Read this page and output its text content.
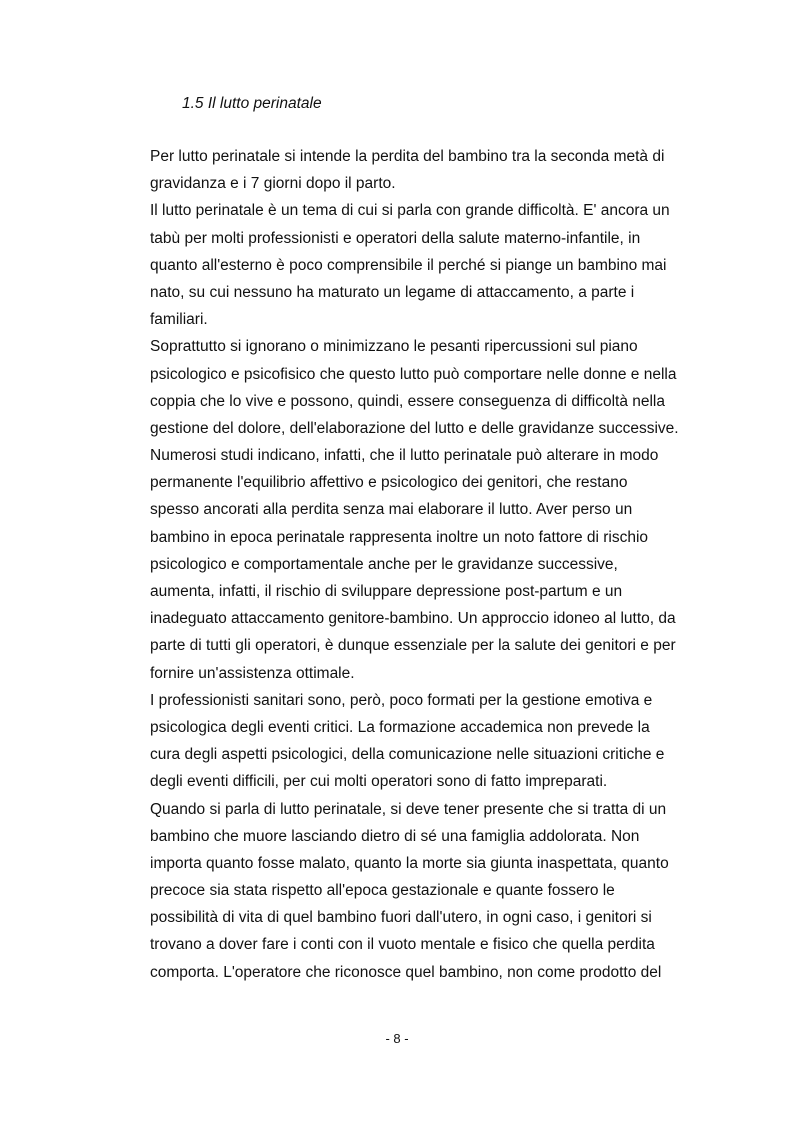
1.5 Il lutto perinatale
Per lutto perinatale si intende la perdita del bambino tra la seconda metà di
gravidanza e i 7 giorni dopo il parto.
Il lutto perinatale è un tema di cui si parla con grande difficoltà. E' ancora un
tabù per molti professionisti e operatori della salute materno-infantile, in
quanto all'esterno è poco comprensibile il perché si piange un bambino mai
nato, su cui nessuno ha maturato un legame di attaccamento, a parte i
familiari.
Soprattutto si ignorano o minimizzano le pesanti ripercussioni sul piano
psicologico e psicofisico che questo lutto può comportare nelle donne e nella
coppia che lo vive e possono, quindi, essere conseguenza di difficoltà nella
gestione del dolore, dell'elaborazione del lutto e delle gravidanze successive.
Numerosi studi indicano, infatti, che il lutto perinatale può alterare in modo
permanente l'equilibrio affettivo e psicologico dei genitori, che restano
spesso ancorati alla perdita senza mai elaborare il lutto. Aver perso un
bambino in epoca perinatale rappresenta inoltre un noto fattore di rischio
psicologico e comportamentale anche per le gravidanze successive,
aumenta, infatti, il rischio di sviluppare depressione post-partum e un
inadeguato attaccamento genitore-bambino. Un approccio idoneo al lutto, da
parte di tutti gli operatori, è dunque essenziale per la salute dei genitori e per
fornire un'assistenza ottimale.
I professionisti sanitari sono, però, poco formati per la gestione emotiva e
psicologica degli eventi critici. La formazione accademica non prevede la
cura degli aspetti psicologici, della comunicazione nelle situazioni critiche e
degli eventi difficili, per cui molti operatori sono di fatto impreparati.
Quando si parla di lutto perinatale, si deve tener presente che si tratta di un
bambino che muore lasciando dietro di sé una famiglia addolorata. Non
importa quanto fosse malato, quanto la morte sia giunta inaspettata, quanto
precoce sia stata rispetto all'epoca gestazionale e quante fossero le
possibilità di vita di quel bambino fuori dall'utero, in ogni caso, i genitori si
trovano a dover fare i conti con il vuoto mentale e fisico che quella perdita
comporta. L'operatore che riconosce quel bambino, non come prodotto del
- 8 -
